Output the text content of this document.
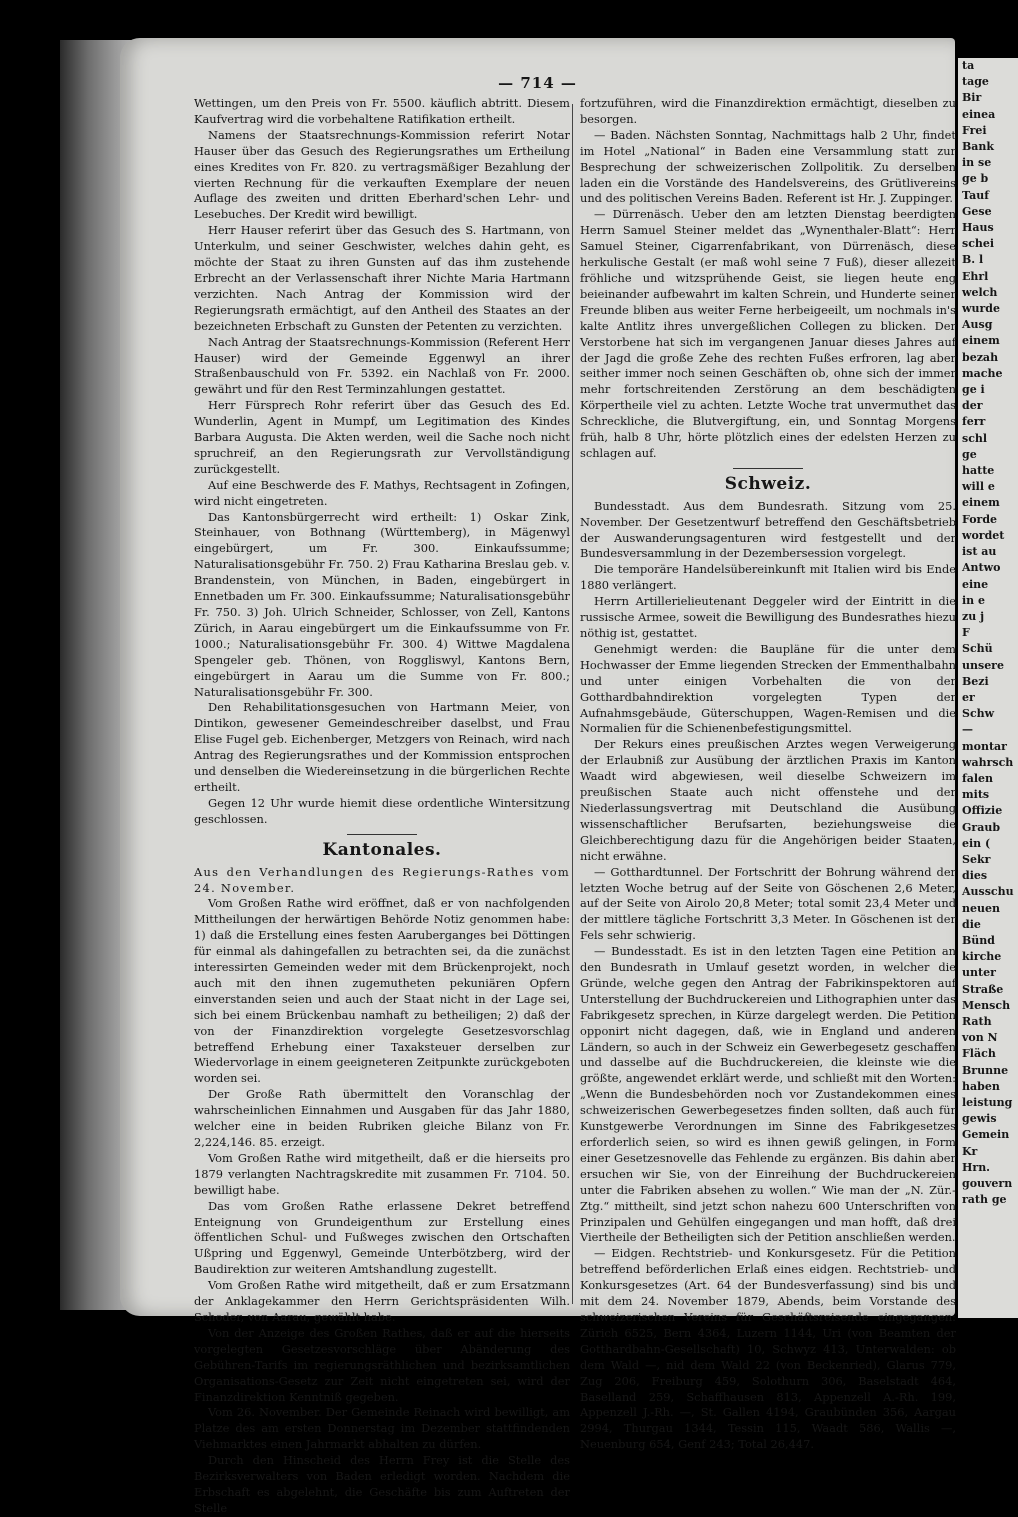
— 714 —

Wettingen, um den Preis von Fr. 5500. käuflich abtritt. Diesem Kaufvertrag wird die vorbehaltene Ratifikation ertheilt.

Namens der Staatsrechnungs-Kommission referirt Notar Hauser über das Gesuch des Regierungsrathes um Ertheilung eines Kredites von Fr. 820. zu vertragsmäßiger Bezahlung der vierten Rechnung für die verkauften Exemplare der neuen Auflage des zweiten und dritten Eberhard'schen Lehr- und Lesebuches. Der Kredit wird bewilligt.

Herr Hauser referirt über das Gesuch des S. Hartmann, von Unterkulm, und seiner Geschwister, welches dahin geht, es möchte der Staat zu ihren Gunsten auf das ihm zustehende Erbrecht an der Verlassenschaft ihrer Nichte Maria Hartmann verzichten. Nach Antrag der Kommission wird der Regierungsrath ermächtigt, auf den Antheil des Staates an der bezeichneten Erbschaft zu Gunsten der Petenten zu verzichten.

Nach Antrag der Staatsrechnungs-Kommission (Referent Herr Hauser) wird der Gemeinde Eggenwyl an ihrer Straßenbauschuld von Fr. 5392. ein Nachlaß von Fr. 2000. gewährt und für den Rest Terminzahlungen gestattet.

Herr Fürsprech Rohr referirt über das Gesuch des Ed. Wunderlin, Agent in Mumpf, um Legitimation des Kindes Barbara Augusta. Die Akten werden, weil die Sache noch nicht spruchreif, an den Regierungsrath zur Vervollständigung zurückgestellt.

Auf eine Beschwerde des F. Mathys, Rechtsagent in Zofingen, wird nicht eingetreten.

Das Kantonsbürgerrecht wird ertheilt: 1) Oskar Zink, Steinhauer, von Bothnang (Württemberg), in Mägenwyl eingebürgert, um Fr. 300. Einkaufssumme; Naturalisationsgebühr Fr. 750. 2) Frau Katharina Breslau geb. v. Brandenstein, von München, in Baden, eingebürgert in Ennetbaden um Fr. 300. Einkaufssumme; Naturalisationsgebühr Fr. 750. 3) Joh. Ulrich Schneider, Schlosser, von Zell, Kantons Zürich, in Aarau eingebürgert um die Einkaufssumme von Fr. 1000.; Naturalisationsgebühr Fr. 300. 4) Wittwe Magdalena Spengeler geb. Thönen, von Roggliswyl, Kantons Bern, eingebürgert in Aarau um die Summe von Fr. 800.; Naturalisationsgebühr Fr. 300.

Den Rehabilitationsgesuchen von Hartmann Meier, von Dintikon, gewesener Gemeindeschreiber daselbst, und Frau Elise Fugel geb. Eichenberger, Metzgers von Reinach, wird nach Antrag des Regierungsrathes und der Kommission entsprochen und denselben die Wiedereinsetzung in die bürgerlichen Rechte ertheilt.

Gegen 12 Uhr wurde hiemit diese ordentliche Wintersitzung geschlossen.

Kantonales.

Aus den Verhandlungen des Regierungs-Rathes vom 24. November.

Vom Großen Rathe wird eröffnet, daß er von nachfolgenden Mittheilungen der herwärtigen Behörde Notiz genommen habe: 1) daß die Erstellung eines festen Aaruberganges bei Döttingen für einmal als dahingefallen zu betrachten sei, da die zunächst interessirten Gemeinden weder mit dem Brückenprojekt, noch auch mit den ihnen zugemutheten pekuniären Opfern einverstanden seien und auch der Staat nicht in der Lage sei, sich bei einem Brückenbau namhaft zu betheiligen; 2) daß der von der Finanzdirektion vorgelegte Gesetzesvorschlag betreffend Erhebung einer Taxaksteuer derselben zur Wiedervorlage in einem geeigneteren Zeitpunkte zurückgeboten worden sei.

Der Große Rath übermittelt den Voranschlag der wahrscheinlichen Einnahmen und Ausgaben für das Jahr 1880, welcher eine in beiden Rubriken gleiche Bilanz von Fr. 2,224,146. 85. erzeigt.

Vom Großen Rathe wird mitgetheilt, daß er die hierseits pro 1879 verlangten Nachtragskredite mit zusammen Fr. 7104. 50. bewilligt habe.

Das vom Großen Rathe erlassene Dekret betreffend Enteignung von Grundeigenthum zur Erstellung eines öffentlichen Schul- und Fußweges zwischen den Ortschaften Ußpring und Eggenwyl, Gemeinde Unterbötzberg, wird der Baudirektion zur weiteren Amtshandlung zugestellt.

Vom Großen Rathe wird mitgetheilt, daß er zum Ersatzmann der Anklagekammer den Herrn Gerichtspräsidenten Wilh. Schoder, von Aarau, gewählt habe.

Von der Anzeige des Großen Rathes, daß er auf die hierseits vorgelegten Gesetzesvorschläge über Abänderung des Gebühren-Tarifs im regierungsräthlichen und bezirksamtlichen Organisations-Gesetz zur Zeit nicht eingetreten sei, wird der Finanzdirektion Kenntniß gegeben.

Vom 26. November. Der Gemeinde Reinach wird bewilligt, am Platze des am ersten Donnerstag im Dezember stattfindenden Viehmarktes einen Jahrmarkt abhalten zu dürfen.

Durch den Hinscheid des Herrn Frey ist die Stelle des Bezirksverwalters von Baden erledigt worden. Nachdem die Erbschaft es abgelehnt, die Geschäfte bis zum Auftreten der Stelle

fortzuführen, wird die Finanzdirektion ermächtigt, dieselben zu besorgen.

— Baden. Nächsten Sonntag, Nachmittags halb 2 Uhr, findet im Hotel „National“ in Baden eine Versammlung statt zur Besprechung der schweizerischen Zollpolitik. Zu derselben laden ein die Vorstände des Handelsvereins, des Grütlivereins und des politischen Vereins Baden. Referent ist Hr. J. Zuppinger.

— Dürrenäsch. Ueber den am letzten Dienstag beerdigten Herrn Samuel Steiner meldet das „Wynenthaler-Blatt“: Herr Samuel Steiner, Cigarrenfabrikant, von Dürrenäsch, diese herkulische Gestalt (er maß wohl seine 7 Fuß), dieser allezeit fröhliche und witzsprühende Geist, sie liegen heute eng beieinander aufbewahrt im kalten Schrein, und Hunderte seiner Freunde bliben aus weiter Ferne herbeigeeilt, um nochmals in's kalte Antlitz ihres unvergeßlichen Collegen zu blicken. Der Verstorbene hat sich im vergangenen Januar dieses Jahres auf der Jagd die große Zehe des rechten Fußes erfroren, lag aber seither immer noch seinen Geschäften ob, ohne sich der immer mehr fortschreitenden Zerstörung an dem beschädigten Körpertheile viel zu achten. Letzte Woche trat unvermuthet das Schreckliche, die Blutvergiftung, ein, und Sonntag Morgens früh, halb 8 Uhr, hörte plötzlich eines der edelsten Herzen zu schlagen auf.

Schweiz.

Bundesstadt. Aus dem Bundesrath. Sitzung vom 25. November. Der Gesetzentwurf betreffend den Geschäftsbetrieb der Auswanderungsagenturen wird festgestellt und der Bundesversammlung in der Dezembersession vorgelegt.

Die temporäre Handelsübereinkunft mit Italien wird bis Ende 1880 verlängert.

Herrn Artillerielieutenant Deggeler wird der Eintritt in die russische Armee, soweit die Bewilligung des Bundesrathes hiezu nöthig ist, gestattet.

Genehmigt werden: die Baupläne für die unter dem Hochwasser der Emme liegenden Strecken der Emmenthalbahn und unter einigen Vorbehalten die von der Gotthardbahndirektion vorgelegten Typen der Aufnahmsgebäude, Güterschuppen, Wagen-Remisen und die Normalien für die Schienenbefestigungsmittel.

Der Rekurs eines preußischen Arztes wegen Verweigerung der Erlaubniß zur Ausübung der ärztlichen Praxis im Kanton Waadt wird abgewiesen, weil dieselbe Schweizern im preußischen Staate auch nicht offenstehe und der Niederlassungsvertrag mit Deutschland die Ausübung wissenschaftlicher Berufsarten, beziehungsweise die Gleichberechtigung dazu für die Angehörigen beider Staaten, nicht erwähne.

— Gotthardtunnel. Der Fortschritt der Bohrung während der letzten Woche betrug auf der Seite von Göschenen 2,6 Meter, auf der Seite von Airolo 20,8 Meter; total somit 23,4 Meter und der mittlere tägliche Fortschritt 3,3 Meter. In Göschenen ist der Fels sehr schwierig.

— Bundesstadt. Es ist in den letzten Tagen eine Petition an den Bundesrath in Umlauf gesetzt worden, in welcher die Gründe, welche gegen den Antrag der Fabrikinspektoren auf Unterstellung der Buchdruckereien und Lithographien unter das Fabrikgesetz sprechen, in Kürze dargelegt werden. Die Petition opponirt nicht dagegen, daß, wie in England und anderen Ländern, so auch in der Schweiz ein Gewerbegesetz geschaffen und dasselbe auf die Buchdruckereien, die kleinste wie die größte, angewendet erklärt werde, und schließt mit den Worten: „Wenn die Bundesbehörden noch vor Zustandekommen eines schweizerischen Gewerbegesetzes finden sollten, daß auch für Kunstgewerbe Verordnungen im Sinne des Fabrikgesetzes erforderlich seien, so wird es ihnen gewiß gelingen, in Form einer Gesetzesnovelle das Fehlende zu ergänzen. Bis dahin aber ersuchen wir Sie, von der Einreihung der Buchdruckereien unter die Fabriken absehen zu wollen.“ Wie man der „N. Zür.-Ztg.“ mittheilt, sind jetzt schon nahezu 600 Unterschriften von Prinzipalen und Gehülfen eingegangen und man hofft, daß drei Viertheile der Betheiligten sich der Petition anschließen werden.

— Eidgen. Rechtstrieb- und Konkursgesetz. Für die Petition betreffend beförderlichen Erlaß eines eidgen. Rechtstrieb- und Konkursgesetzes (Art. 64 der Bundesverfassung) sind bis und mit dem 24. November 1879, Abends, beim Vorstande des schweizerischen Vereins für Geschäftsreisende eingegangen: Zürich 6525, Bern 4364, Luzern 1144, Uri (von Beamten der Gotthardbahn-Gesellschaft) 10, Schwyz 413, Unterwalden: ob dem Wald —, nid dem Wald 22 (von Beckenried), Glarus 779, Zug 206, Freiburg 459, Solothurn 306, Baselstadt 464, Baselland 259, Schaffhausen 813, Appenzell A.-Rh. 199, Appenzell J.-Rh. —, St. Gallen 4194, Graubünden 356, Aargau 2994, Thurgau 1344, Tessin 115, Waadt 586, Wallis —, Neuenburg 654, Genf 243; Total 26,447.

ta
tage
Bir
einea
Frei
Bank
in se
ge b
Tauf
Gese
Haus
schei
B. l
Ehrl
welch
wurde
Ausg
einem
bezah
mache
ge i
der
ferr
schl
ge
hatte
will e
einem
Forde
wordet
ist au
Antwo
eine
in e
zu j
F
Schü
unsere
Bezi
er
Schw
—
montar
wahrsch
falen
mits
Offizie
Graub
ein (
Sekr
dies
Ausschu
neuen
die
Bünd
kirche
unter
Straße
Mensch
Rath
von N
Fläch
Brunne
haben
leistung
gewis
Gemein
Kr
Hrn.
gouvern
rath ge
